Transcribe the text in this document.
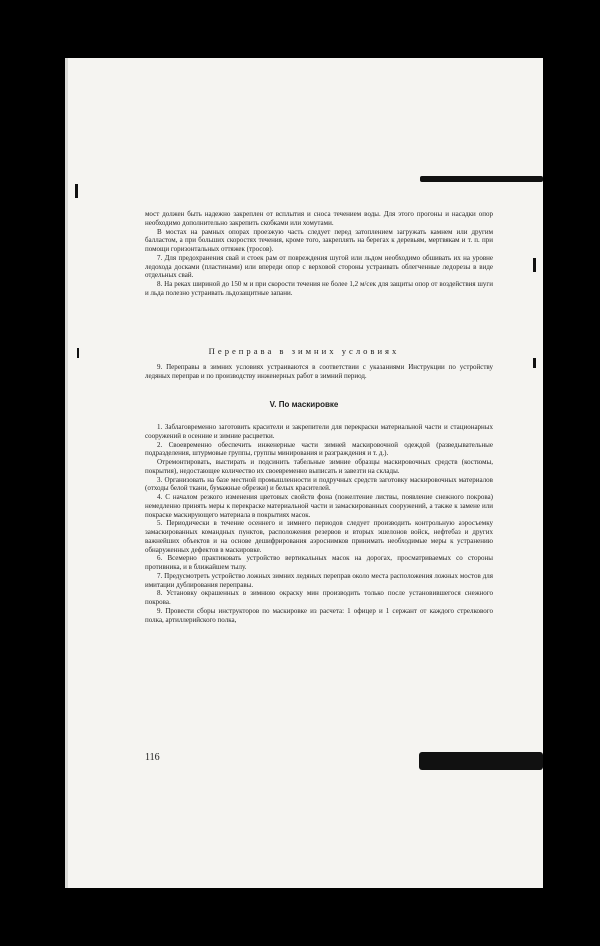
мост должен быть надежно закреплен от всплытия и сноса течением воды. Для этого прогоны и насадки опор необходимо дополнительно закрепить скобками или хомутами.

В мостах на рамных опорах проезжую часть следует перед затоплением загружать камнем или другим балластом, а при больших скоростях течения, кроме того, закреплять на берегах к деревьям, мертвякам и т. п. при помощи горизонтальных оттяжек (тросов).

7. Для предохранения свай и стоек рам от повреждения шугой или льдом необходимо обшивать их на уровне ледохода досками (пластинами) или впереди опор с верховой стороны устраивать облегченные ледорезы в виде отдельных свай.

8. На реках шириной до 150 м и при скорости течения не более 1,2 м/сек для защиты опор от воздействия шуги и льда полезно устраивать льдозащитные запани.

Переправа в зимних условиях

9. Переправы в зимних условиях устраиваются в соответствии с указаниями Инструкции по устройству ледяных переправ и по производству инженерных работ в зимний период.

V. По маскировке

1. Заблаговременно заготовить красители и закрепители для перекраски материальной части и стационарных сооружений в осенние и зимние расцветки.

2. Своевременно обеспечить инженерные части зимней маскировочной одеждой (разведывательные подразделения, штурмовые группы, группы минирования и разграждения и т. д.).

Отремонтировать, выстирать и подсинить табельные зимние образцы маскировочных средств (костюмы, покрытия), недостающее количество их своевременно выписать и завезти на склады.

3. Организовать на базе местной промышленности и подручных средств заготовку маскировочных материалов (отходы белой ткани, бумажные обрезки) и белых красителей.

4. С началом резкого изменения цветовых свойств фона (пожелтение листвы, появление снежного покрова) немедленно принять меры к перекраске материальной части и замаскированных сооружений, а также к замене или покраске маскирующего материала в покрытиях масок.

5. Периодически в течение осеннего и зимнего периодов следует производить контрольную аэросъемку замаскированных командных пунктов, расположения резервов и вторых эшелонов войск, нефтебаз и других важнейших объектов и на основе дешифрирования аэроснимков принимать необходимые меры к устранению обнаруженных дефектов в маскировке.

6. Всемерно практиковать устройство вертикальных масок на дорогах, просматриваемых со стороны противника, и в ближайшем тылу.

7. Предусмотреть устройство ложных зимних ледяных переправ около места расположения ложных мостов для имитации дублирования переправы.

8. Установку окрашенных в зимнюю окраску мин производить только после установившегося снежного покрова.

9. Провести сборы инструкторов по маскировке из расчета: 1 офицер и 1 сержант от каждого стрелкового полка, артиллерийского полка,

116
